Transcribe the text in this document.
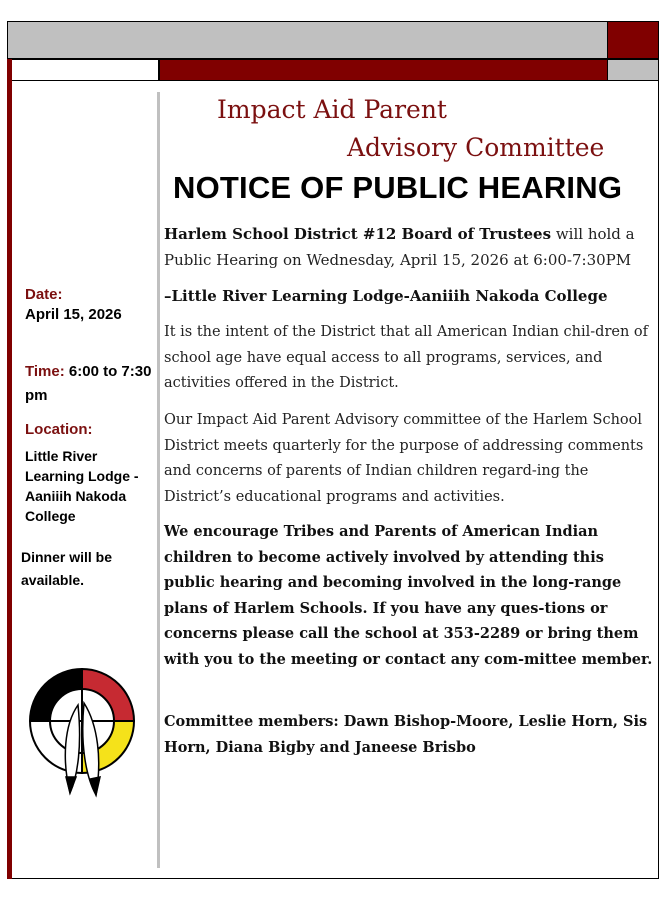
Impact Aid Parent
Advisory Committee
NOTICE OF PUBLIC HEARING
Date:
April 15, 2026
Time: 6:00 to 7:30 pm
Location:
Little River Learning Lodge -Aaniiih Nakoda College
Dinner will be available.
Harlem School District #12 Board of Trustees will hold a Public Hearing on Wednesday, April 15, 2026 at 6:00-7:30PM
–Little River Learning Lodge-Aaniiih Nakoda College
It is the intent of the District that all American Indian chil-dren of school age have equal access to all programs, services, and activities offered in the District.
Our Impact Aid Parent Advisory committee of the Harlem School District meets quarterly for the purpose of addressing comments and concerns of parents of Indian children regard-ing the District’s educational programs and activities.
We encourage Tribes and Parents of American Indian children to become actively involved by attending this public hearing and becoming involved in the long-range plans of Harlem Schools. If you have any ques-tions or concerns please call the school at 353-2289 or bring them with you to the meeting or contact any com-mittee member.
Committee members: Dawn Bishop-Moore, Leslie Horn, Sis Horn, Diana Bigby and Janeese Brisbo
